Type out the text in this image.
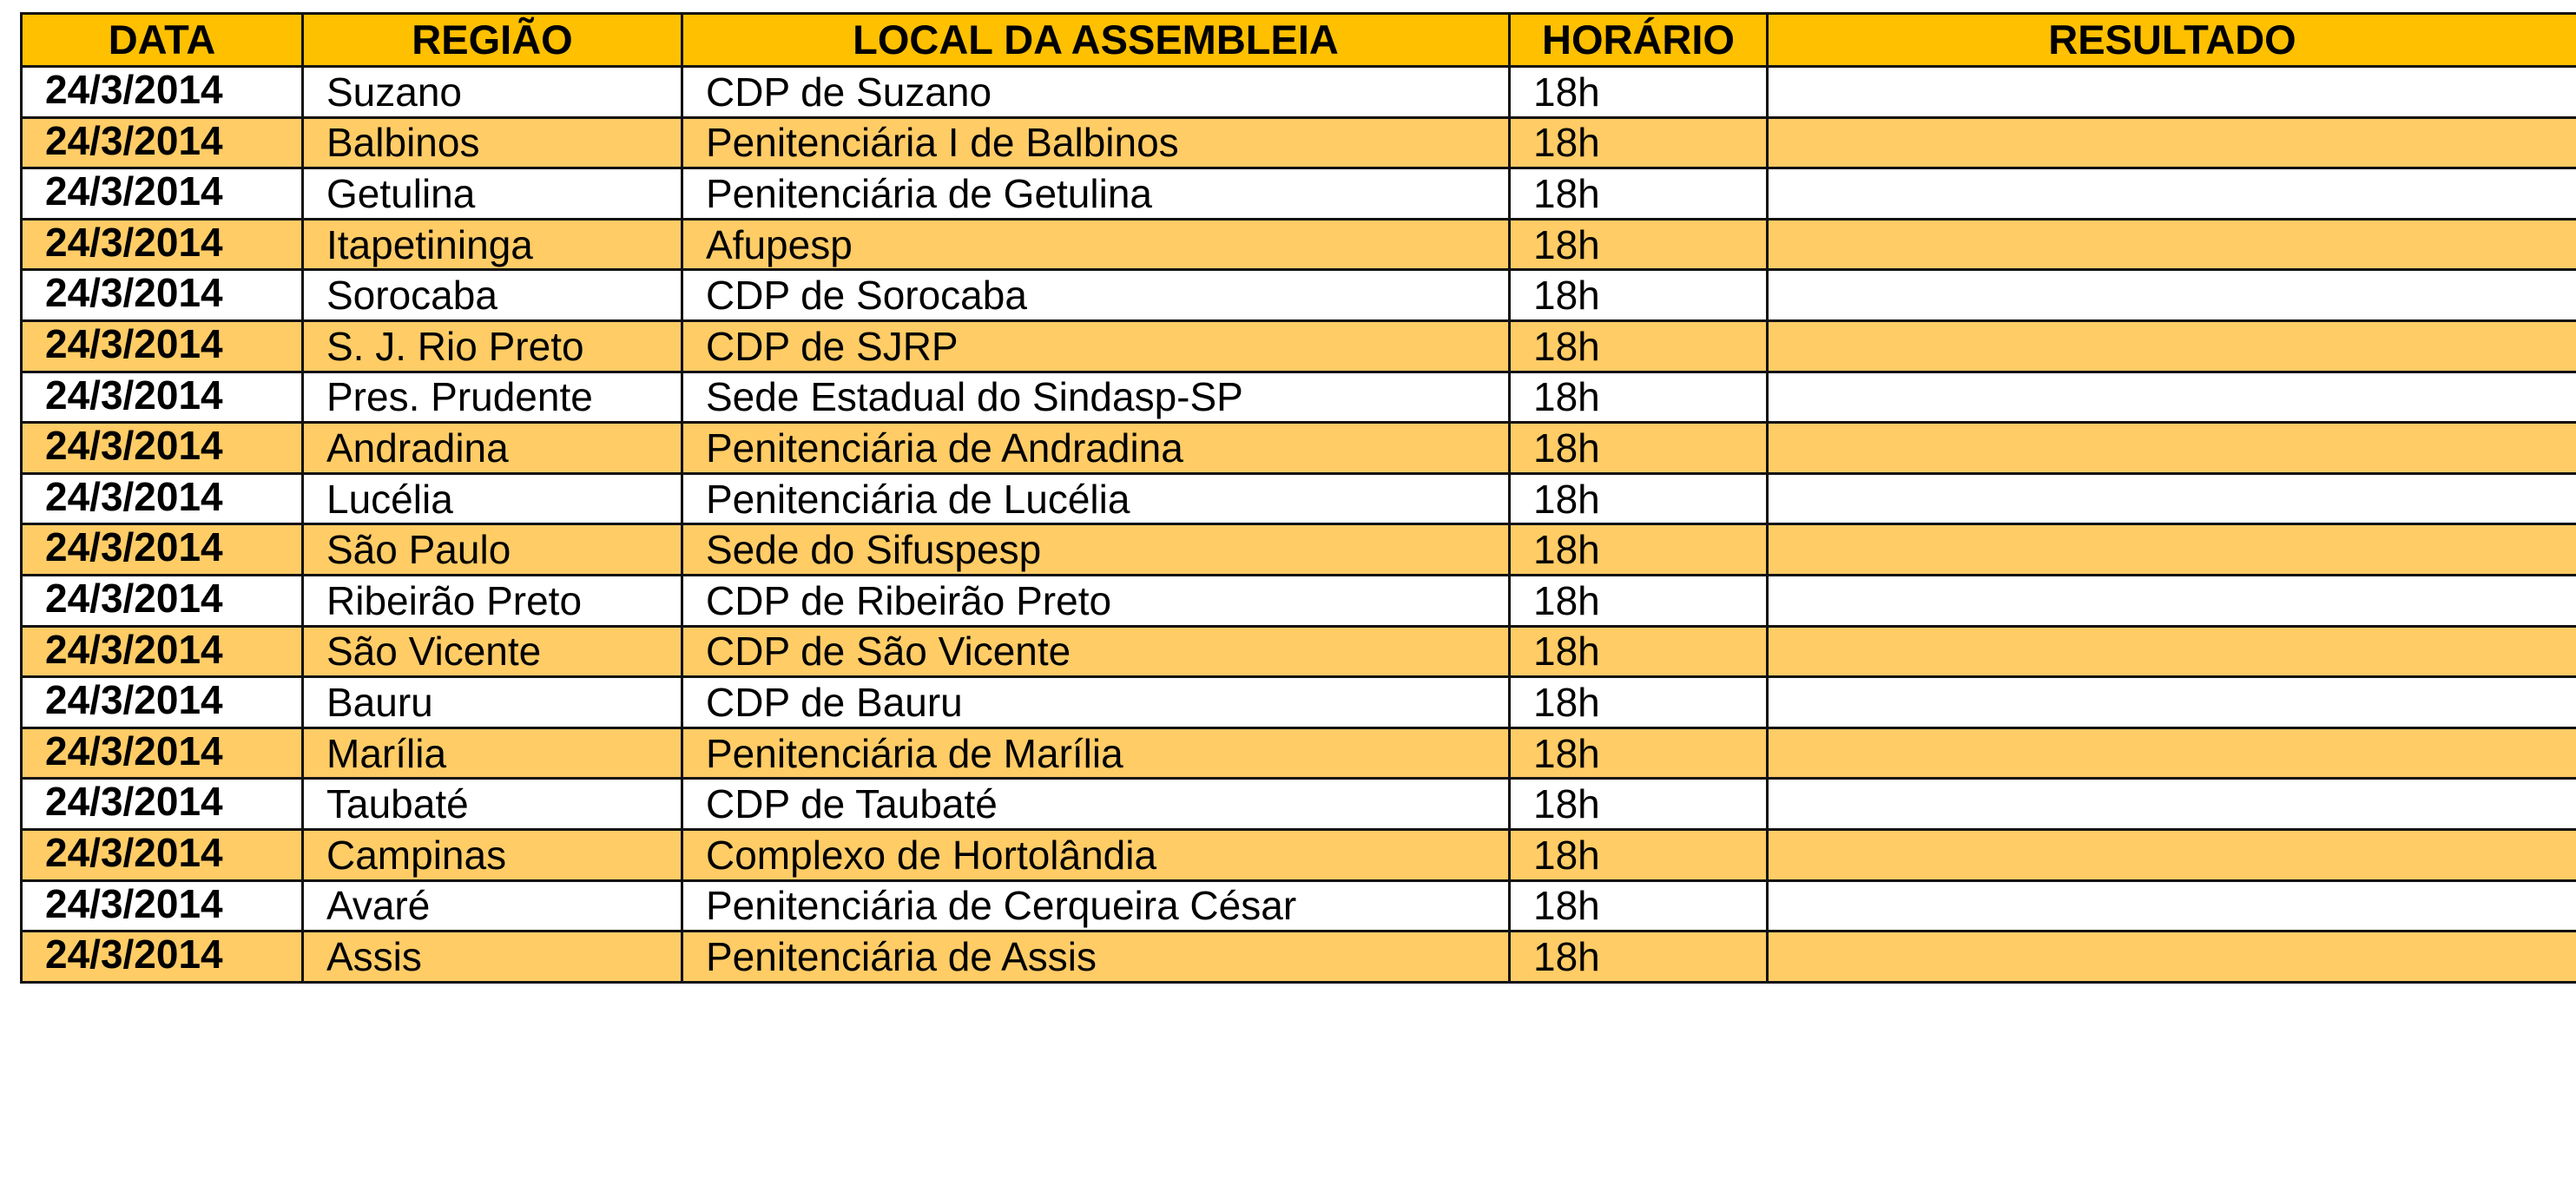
DATA	REGIÃO	LOCAL DA ASSEMBLEIA	HORÁRIO	RESULTADO
24/3/2014	Suzano	CDP de Suzano	18h	
24/3/2014	Balbinos	Penitenciária I de Balbinos	18h	
24/3/2014	Getulina	Penitenciária de Getulina	18h	
24/3/2014	Itapetininga	Afupesp	18h	
24/3/2014	Sorocaba	CDP de Sorocaba	18h	
24/3/2014	S. J. Rio Preto	CDP de SJRP	18h	
24/3/2014	Pres. Prudente	Sede Estadual do Sindasp-SP	18h	
24/3/2014	Andradina	Penitenciária de Andradina	18h	
24/3/2014	Lucélia	Penitenciária de Lucélia	18h	
24/3/2014	São Paulo	Sede do Sifuspesp	18h	
24/3/2014	Ribeirão Preto	CDP de Ribeirão Preto	18h	
24/3/2014	São Vicente	CDP de São Vicente	18h	
24/3/2014	Bauru	CDP de Bauru	18h	
24/3/2014	Marília	Penitenciária de Marília	18h	
24/3/2014	Taubaté	CDP de Taubaté	18h	
24/3/2014	Campinas	Complexo de Hortolândia	18h	
24/3/2014	Avaré	Penitenciária de Cerqueira César	18h	
24/3/2014	Assis	Penitenciária de Assis	18h	
